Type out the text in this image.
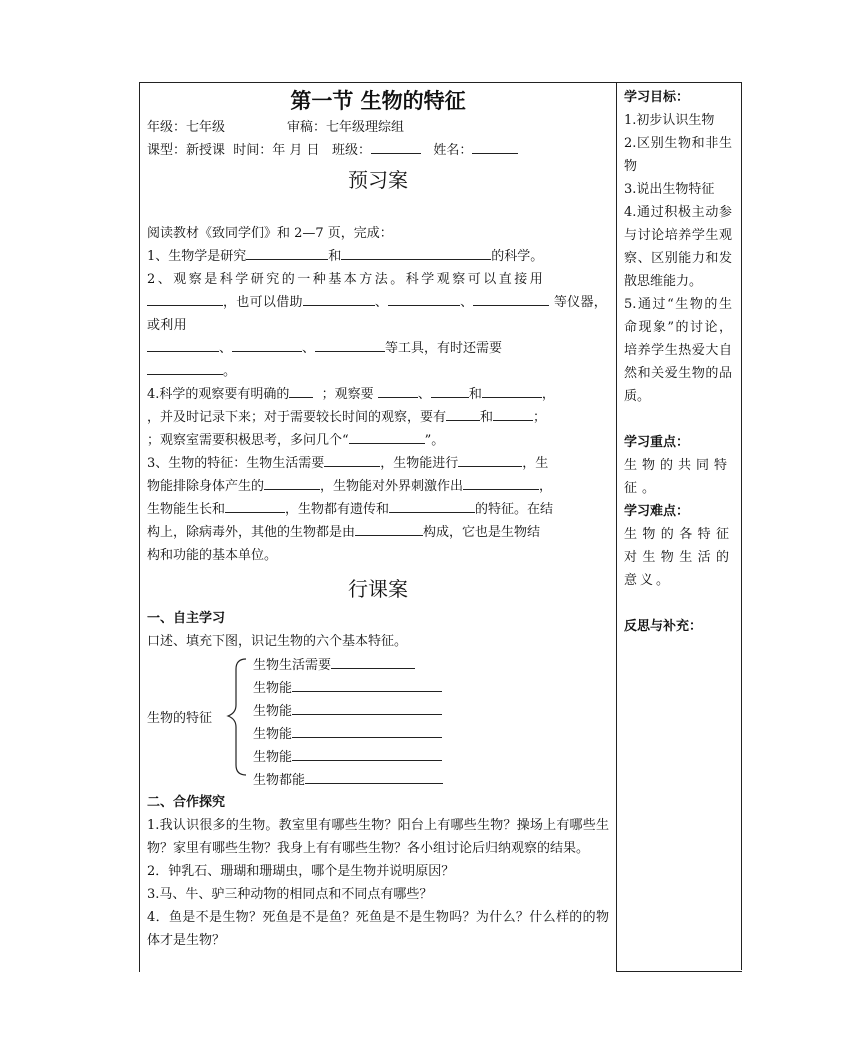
第一节 生物的特征
年级：七年级	审稿：七年级理综组
课型：新授课 时间：年 月 日 班级：	姓名：
预习案
阅读教材《致同学们》和 2—7 页，完成：
1、生物学是研究	和	的科学。
2、观察是科学研究的一种基本方法。科学观察可以直接用
，也可以借助	、	、	等仪器，或利用
、	、	等工具，有时还需要
。
4.科学的观察要有明确的 ；观察要	、	和	，
，并及时记录下来；对于需要较长时间的观察，要有	和	；
；观察室需要积极思考，多问几个“	”。
3、生物的特征：生物生活需要	，生物能进行	，生
物能排除身体产生的	，生物能对外界刺激作出	，
生物能生长和	，生物都有遗传和	的特征。在结
构上，除病毒外，其他的生物都是由	构成，它也是生物结
构和功能的基本单位。
行课案
一、自主学习
口述、填充下图，识记生物的六个基本特征。
生物的特征
生物生活需要
生物能
生物能
生物能
生物能
生物都能
二、合作探究
1.我认识很多的生物。教室里有哪些生物？阳台上有哪些生物？操场上有哪些生物？家里有哪些生物？我身上有有哪些生物？各小组讨论后归纳观察的结果。
2．钟乳石、珊瑚和珊瑚虫，哪个是生物并说明原因？
3.马、牛、驴三种动物的相同点和不同点有哪些？
4．鱼是不是生物？死鱼是不是鱼？死鱼是不是生物吗？为什么？什么样的的物体才是生物？
学习目标：
1.初步认识生物
2.区别生物和非生物
3.说出生物特征
4.通过积极主动参与讨论培养学生观察、区别能力和发散思维能力。
5.通过“生物的生命现象”的讨论，培养学生热爱大自然和关爱生物的品质。
学习重点：
生物的共同特征。
学习难点：
生物的各特征对生物生活的意义。
反思与补充：
